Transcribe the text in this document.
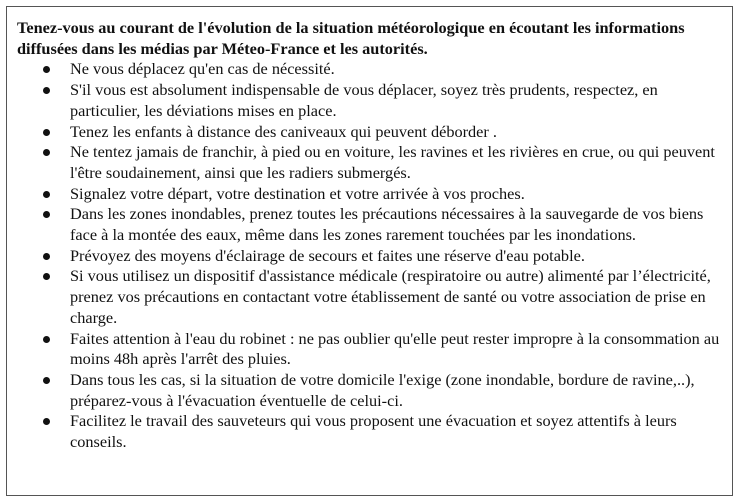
Tenez-vous au courant de l'évolution de la situation météorologique en écoutant les informations diffusées dans les médias par Méteo-France et les autorités.

Ne vous déplacez qu'en cas de nécessité.
S'il vous est absolument indispensable de vous déplacer, soyez très prudents, respectez, en particulier, les déviations mises en place.
Tenez les enfants à distance des caniveaux qui peuvent déborder .
Ne tentez jamais de franchir, à pied ou en voiture, les ravines et les rivières en crue, ou qui peuvent l'être soudainement, ainsi que les radiers submergés.
Signalez votre départ, votre destination et votre arrivée à vos proches.
Dans les zones inondables, prenez toutes les précautions nécessaires à la sauvegarde de vos biens face à la montée des eaux, même dans les zones rarement touchées par les inondations.
Prévoyez des moyens d'éclairage de secours et faites une réserve d'eau potable.
Si vous utilisez un dispositif d'assistance médicale (respiratoire ou autre) alimenté par l’électricité, prenez vos précautions en contactant votre établissement de santé ou votre association de prise en charge.
Faites attention à l'eau du robinet : ne pas oublier qu'elle peut rester impropre à la consommation au moins 48h après l'arrêt des pluies.
Dans tous les cas, si la situation de votre domicile l'exige (zone inondable, bordure de ravine,..), préparez-vous à l'évacuation éventuelle de celui-ci.
Facilitez le travail des sauveteurs qui vous proposent une évacuation et soyez attentifs à leurs conseils.
